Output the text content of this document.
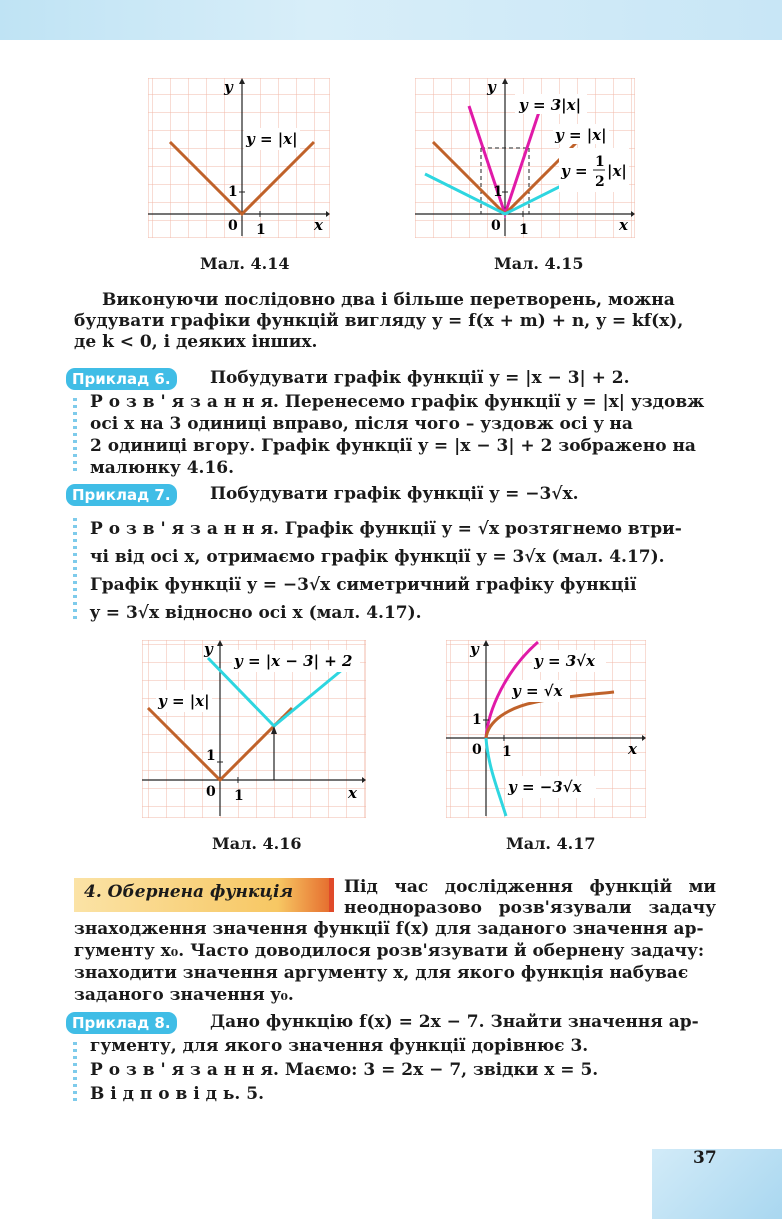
y
x
0 1
1
y = |x|
Мал. 4.14
y
x
0 1
1
y = 3|x|
y = |x|
y = 1
2
|x|
Мал. 4.15
Виконуючи послідовно два і більше перетворень, можна
будувати графіки функцій вигляду y = f(x + m) + n, y = kf(x),
де k < 0, і деяких інших.
Приклад 6.	Побудувати графік функції y = |x − 3| + 2.
Р о з в ' я з а н н я. Перенесемо графік функції y = |x| уздовж
осі x на 3 одиниці вправо, після чого – уздовж осі y на
2 одиниці вгору. Графік функції y = |x − 3| + 2 зображено на
малюнку 4.16.
Приклад 7.	Побудувати графік функції y = −3√x.
Р о з в ' я з а н н я. Графік функції y = √x розтягнемо втри-
чі від осі x, отримаємо графік функції y = 3√x (мал. 4.17).
Графік функції y = −3√x симетричний графіку функції
y = 3√x відносно осі x (мал. 4.17).
y
x
0 1
1
y = |x − 3| + 2
y = |x|
Мал. 4.16
y
x
0 1
1
y = 3√x
y = √x
y = −3√x
Мал. 4.17
4. Обернена функція	Під час дослідження функцій ми
неодноразово розв'язували задачу
знаходження значення функції f(x) для заданого значення ар-
гументу x₀. Часто доводилося розв'язувати й обернену задачу:
знаходити значення аргументу x, для якого функція набуває
заданого значення y₀.
Приклад 8.	Дано функцію f(x) = 2x − 7. Знайти значення ар-
гументу, для якого значення функції дорівнює 3.
Р о з в ' я з а н н я. Маємо: 3 = 2x − 7, звідки x = 5.
В і д п о в і д ь. 5.
37
